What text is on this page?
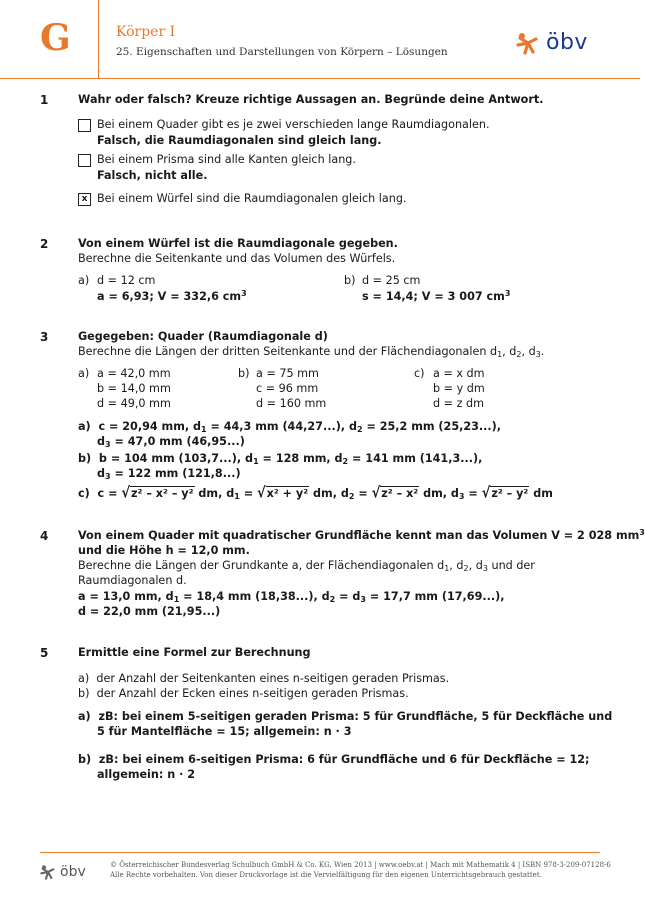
G	Körper I
25. Eigenschaften und Darstellungen von Körpern – Lösungen	öbv
1	Wahr oder falsch? Kreuze richtige Aussagen an. Begründe deine Antwort.
Bei einem Quader gibt es je zwei verschieden lange Raumdiagonalen.
Falsch, die Raumdiagonalen sind gleich lang.
Bei einem Prisma sind alle Kanten gleich lang.
Falsch, nicht alle.
x Bei einem Würfel sind die Raumdiagonalen gleich lang.
2	Von einem Würfel ist die Raumdiagonale gegeben.
Berechne die Seitenkante und das Volumen des Würfels.
a) d = 12 cm
a = 6,93; V = 332,6 $cm^3$
b) d = 25 cm
s = 14,4; V = 3 007 $cm^3$
3	Gegegeben: Quader (Raumdiagonale d)
Berechne die Längen der dritten Seitenkante und der Flächendiagonalen $d_1$, $d_2$, $d_3$.
a) a = 42,0 mm
b = 14,0 mm
d = 49,0 mm
b) a = 75 mm
c = 96 mm
d = 160 mm
c) a = x dm
b = y dm
d = z dm
a)  c = 20,94 mm, $d_1 = 44,3$ mm (44,27...), $d_2 = 25,2$ mm (25,23...),
$d_3 = 47,0$ mm (46,95...)
b)  b = 104 mm (103,7...), $d_1 = 128$ mm, $d_2 = 141$ mm (141,3...),
$d_3 = 122$ mm (121,8...)
c)  c = √z² – x² – y² dm, $d_1 = √x^2 + y^2$ dm, $d_2 = √z^2 - x^2$ dm, $d_3 = √z^2 - y^2$ dm
4	Von einem Quader mit quadratischer Grundfläche kennt man das Volumen V = 2 028 $mm^3$
und die Höhe h = 12,0 mm.
Berechne die Längen der Grundkante a, der Flächendiagonalen $d_1$, $d_2$, $d_3$ und der
Raumdiagonalen d.
a = 13,0 mm, $d_1 = 18,4$ mm (18,38...), $d_2 = d_3 = 17,7$ mm (17,69...),
d = 22,0 mm (21,95...)
5	Ermittle eine Formel zur Berechnung
a)  der Anzahl der Seitenkanten eines n-seitigen geraden Prismas.
b)  der Anzahl der Ecken eines n-seitigen geraden Prismas.
a)  zB: bei einem 5-seitigen geraden Prisma: 5 für Grundfläche, 5 für Deckfläche und
5 für Mantelfläche = 15; allgemein: n · 3
b)  zB: bei einem 6-seitigen Prisma: 6 für Grundfläche und 6 für Deckfläche = 12;
allgemein: n · 2
öbv	© Österreichischer Bundesverlag Schulbuch GmbH & Co. KG, Wien 2013 | www.oebv.at | Mach mit Mathematik 4 | ISBN 978-3-209-07128-6
Alle Rechte vorbehalten. Von dieser Druckvorlage ist die Vervielfältigung für den eigenen Unterrichtsgebrauch gestattet.
